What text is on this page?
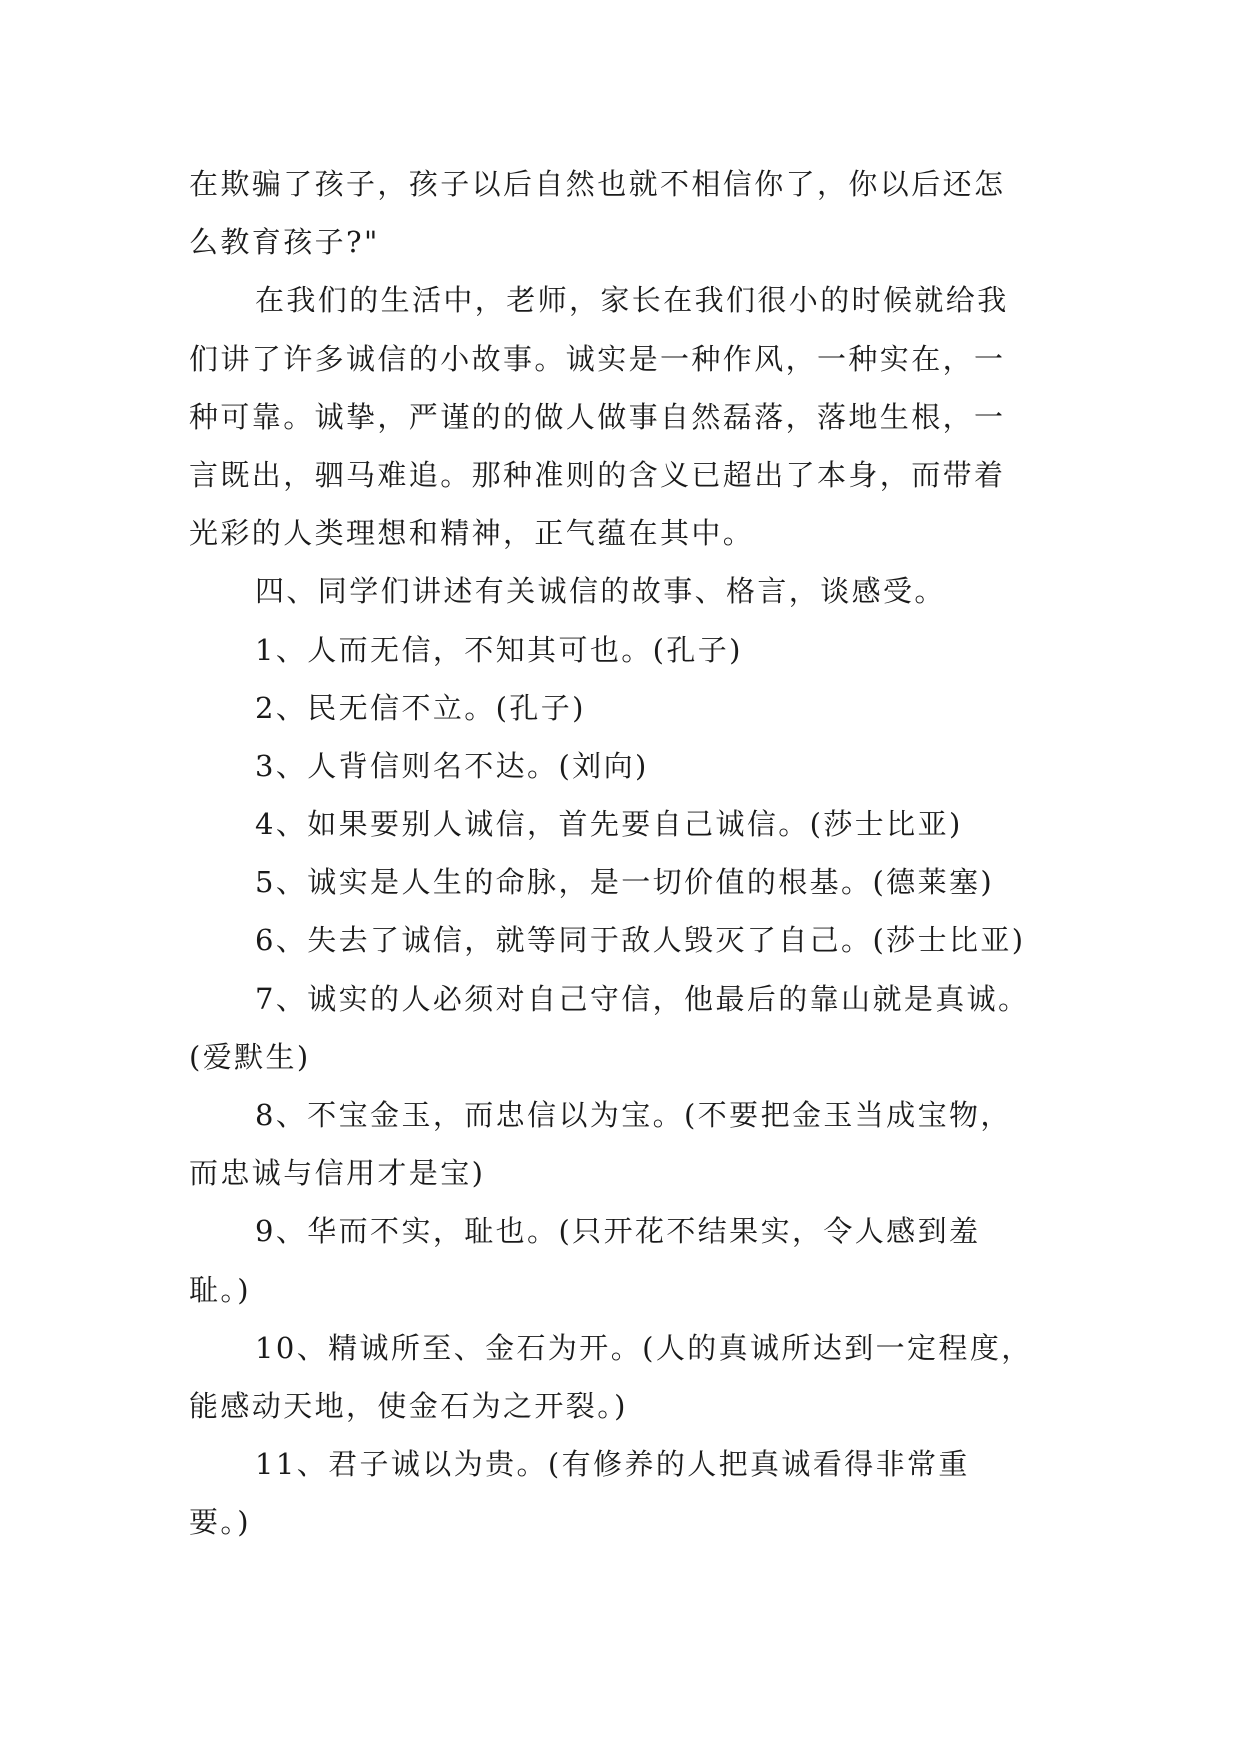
在欺骗了孩子，孩子以后自然也就不相信你了，你以后还怎
么教育孩子?"
在我们的生活中，老师，家长在我们很小的时候就给我
们讲了许多诚信的小故事。诚实是一种作风，一种实在，一
种可靠。诚挚，严谨的的做人做事自然磊落，落地生根，一
言既出，驷马难追。那种准则的含义已超出了本身，而带着
光彩的人类理想和精神，正气蕴在其中。
四、同学们讲述有关诚信的故事、格言，谈感受。
1、人而无信，不知其可也。(孔子)
2、民无信不立。(孔子)
3、人背信则名不达。(刘向)
4、如果要别人诚信，首先要自己诚信。(莎士比亚)
5、诚实是人生的命脉，是一切价值的根基。(德莱塞)
6、失去了诚信，就等同于敌人毁灭了自己。(莎士比亚)
7、诚实的人必须对自己守信，他最后的靠山就是真诚。
(爱默生)
8、不宝金玉，而忠信以为宝。(不要把金玉当成宝物，
而忠诚与信用才是宝)
9、华而不实，耻也。(只开花不结果实，令人感到羞
耻。)
10、精诚所至、金石为开。(人的真诚所达到一定程度，
能感动天地，使金石为之开裂。)
11、君子诚以为贵。(有修养的人把真诚看得非常重
要。)
